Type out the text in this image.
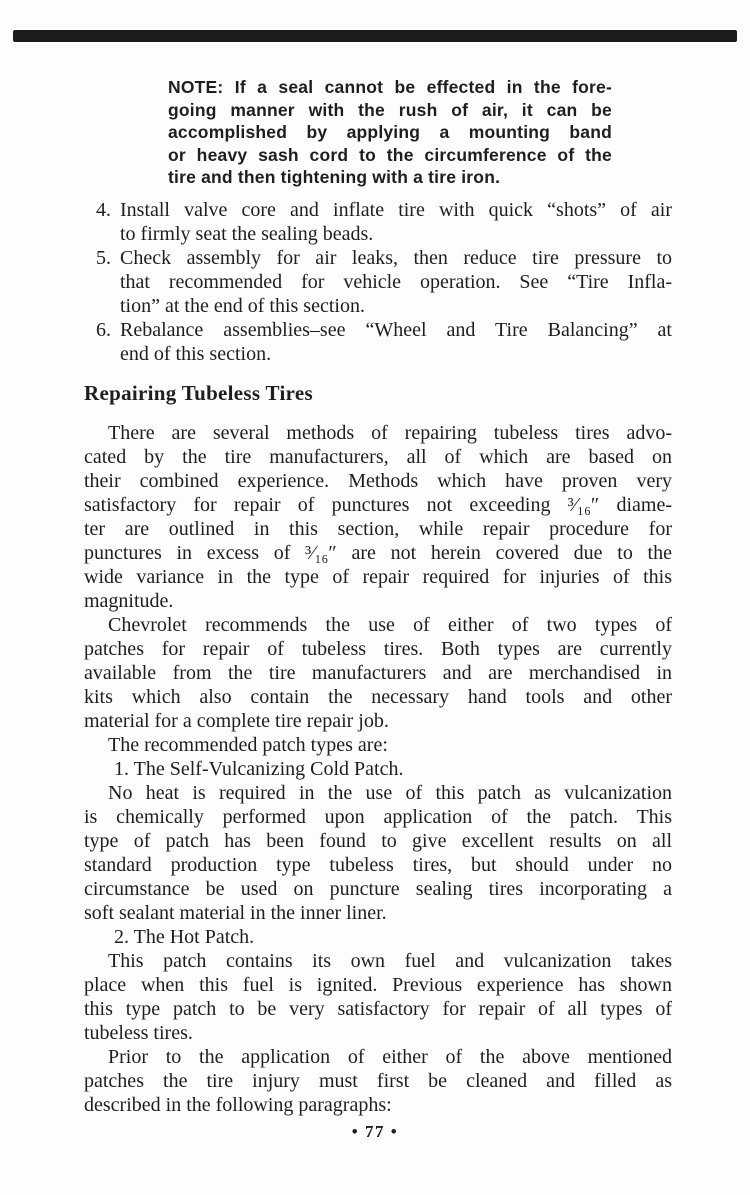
NOTE: If a seal cannot be effected in the fore-
going manner with the rush of air, it can be
accomplished by applying a mounting band
or heavy sash cord to the circumference of the
tire and then tightening with a tire iron.
4. Install valve core and inflate tire with quick “shots” of air
to firmly seat the sealing beads.
5. Check assembly for air leaks, then reduce tire pressure to
that recommended for vehicle operation. See “Tire Infla-
tion” at the end of this section.
6. Rebalance assemblies–see “Wheel and Tire Balancing” at
end of this section.
Repairing Tubeless Tires
There are several methods of repairing tubeless tires advo-
cated by the tire manufacturers, all of which are based on
their combined experience. Methods which have proven very
satisfactory for repair of punctures not exceeding ³⁄₁₆″ diame-
ter are outlined in this section, while repair procedure for
punctures in excess of ³⁄₁₆″ are not herein covered due to the
wide variance in the type of repair required for injuries of this
magnitude.
Chevrolet recommends the use of either of two types of
patches for repair of tubeless tires. Both types are currently
available from the tire manufacturers and are merchandised in
kits which also contain the necessary hand tools and other
material for a complete tire repair job.
The recommended patch types are:
1. The Self-Vulcanizing Cold Patch.
No heat is required in the use of this patch as vulcanization
is chemically performed upon application of the patch. This
type of patch has been found to give excellent results on all
standard production type tubeless tires, but should under no
circumstance be used on puncture sealing tires incorporating a
soft sealant material in the inner liner.
2. The Hot Patch.
This patch contains its own fuel and vulcanization takes
place when this fuel is ignited. Previous experience has shown
this type patch to be very satisfactory for repair of all types of
tubeless tires.
Prior to the application of either of the above mentioned
patches the tire injury must first be cleaned and filled as
described in the following paragraphs:
• 77 •
